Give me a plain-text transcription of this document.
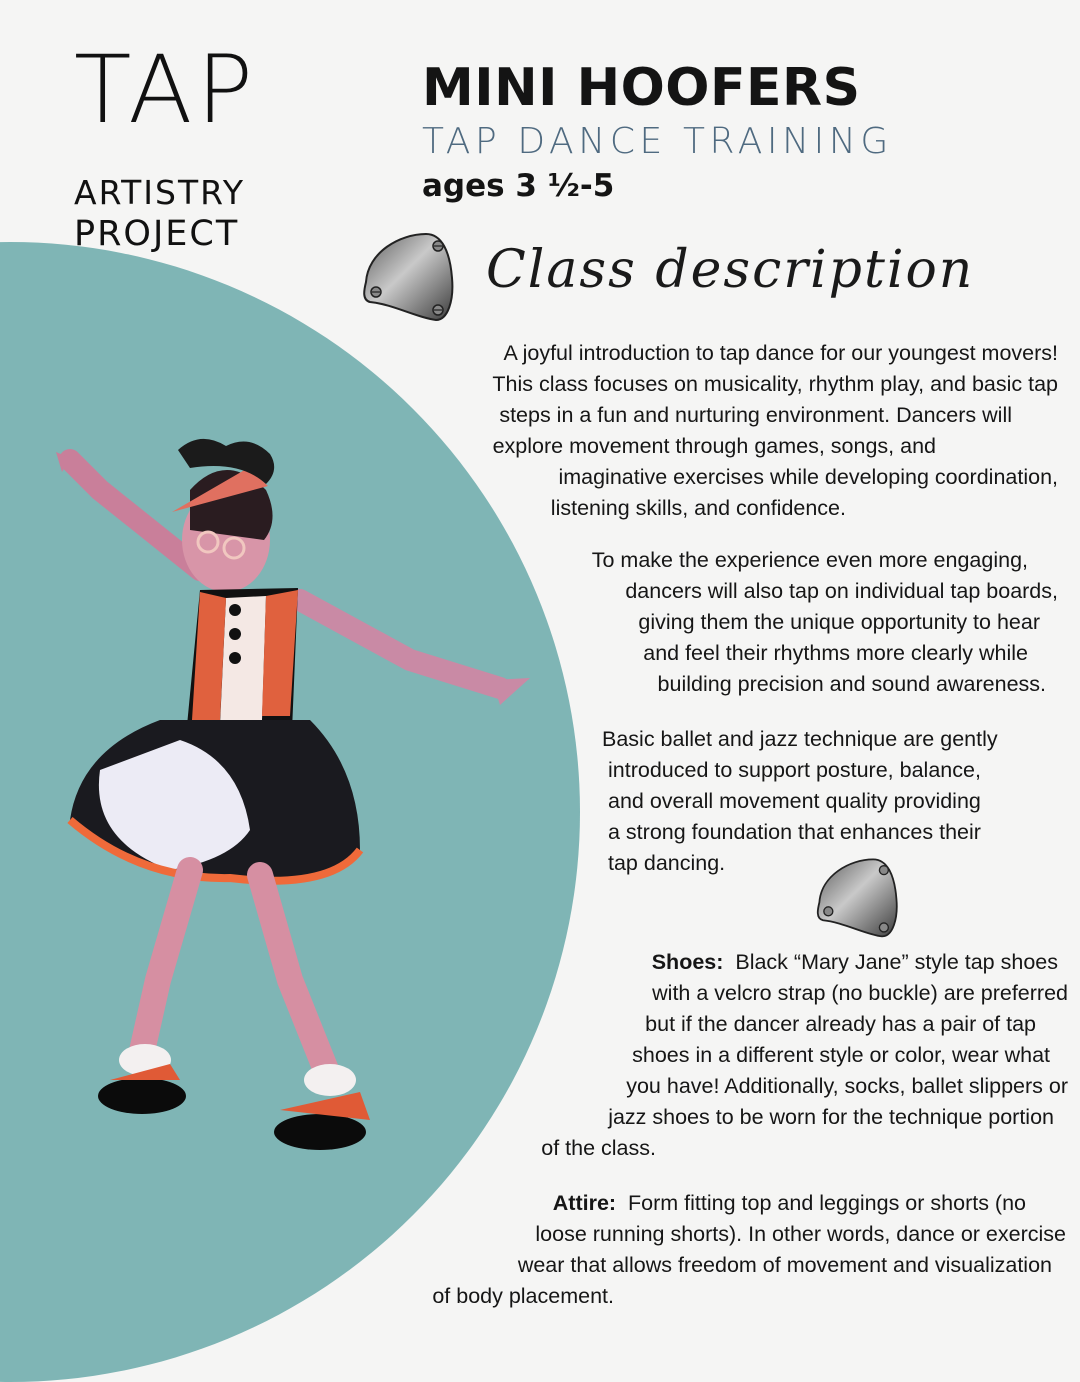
TAP
ARTISTRY
PROJECT
MINI HOOFERS
TAP DANCE TRAINING
ages 3 ½-5
Class description
A joyful introduction to tap dance for our youngest movers!
This class focuses on musicality, rhythm play, and basic tap
steps in a fun and nurturing environment. Dancers will
explore movement through games, songs, and
imaginative exercises while developing coordination,
listening skills, and confidence.
To make the experience even more engaging,
dancers will also tap on individual tap boards,
giving them the unique opportunity to hear
and feel their rhythms more clearly while
building precision and sound awareness.
Basic ballet and jazz technique are gently
introduced to support posture, balance,
and overall movement quality providing
a strong foundation that enhances their
tap dancing.
Shoes: Black “Mary Jane” style tap shoes
with a velcro strap (no buckle) are preferred
but if the dancer already has a pair of tap
shoes in a different style or color, wear what
you have! Additionally, socks, ballet slippers or
jazz shoes to be worn for the technique portion
of the class.
Attire: Form fitting top and leggings or shorts (no
loose running shorts). In other words, dance or exercise
wear that allows freedom of movement and visualization
of body placement.
